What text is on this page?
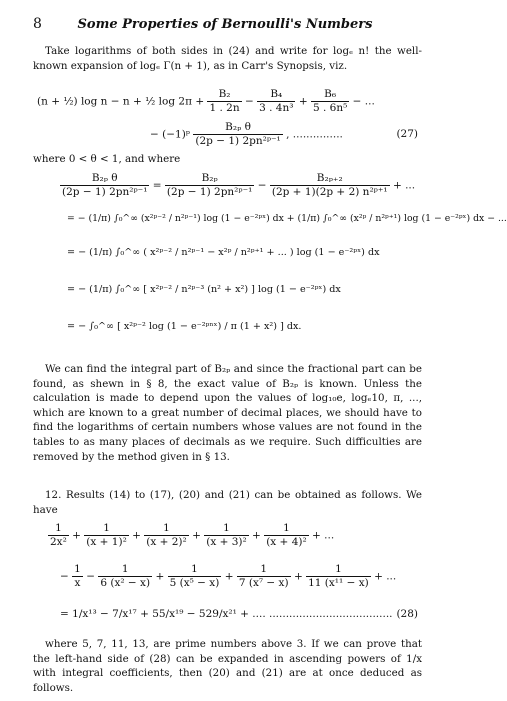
8	Some Properties of Bernoulli's Numbers
Take logarithms of both sides in (24) and write for logₑ n! the well-known expansion of logₑ Γ(n + 1), as in Carr's Synopsis, viz.
(n + ½) log n − n + ½ $\log 2\pi + \frac{\text{B₂}}{1 . 2n} - \frac{\text{B₄}}{\text{3 . 4n³}} + \frac{\text{B₆}}{\text{5 . 6n⁵}}$ − ...
− (−1)ᵖ $\frac{\text{B₂ₚ θ}}{\text{(2p − 1) 2pn²ᵖ⁻¹}}$ , ...............	(27)
where 0 < θ < 1, and where
$\frac{\text{B₂ₚ θ}}{\text{(2p − 1) 2pn²ᵖ⁻¹}} = \frac{\text{B₂ₚ}}{\text{(2p − 1) 2pn²ᵖ⁻¹}} - \frac{\text{B₂ₚ₊₂}}{\text{(2p + 1)(2p + 2) n²ᵖ⁺¹}}$ + ...
= − (1/π) ∫₀^∞ (x²ᵖ⁻² / n²ᵖ⁻¹) log (1 − e⁻²ᵖˣ) dx + (1/π) ∫₀^∞ (x²ᵖ / n²ᵖ⁺¹) log (1 − e⁻²ᵖˣ) dx − ...
= − (1/π) ∫₀^∞ ( x²ᵖ⁻² / n²ᵖ⁻¹ − x²ᵖ / n²ᵖ⁺¹ + ... ) log (1 − e⁻²ᵖˣ) dx
= − (1/π) ∫₀^∞ [ x²ᵖ⁻² / n²ᵖ⁻³ (n² + x²) ] log (1 − e⁻²ᵖˣ) dx
= − ∫₀^∞ [ x²ᵖ⁻² log (1 − e⁻²ᵖⁿˣ) / π (1 + x²) ] dx.
We can find the integral part of B₂ₚ and since the fractional part can be found, as shewn in § 8, the exact value of B₂ₚ is known. Unless the calculation is made to depend upon the values of log₁₀e, logₑ10, π, ..., which are known to a great number of decimal places, we should have to find the logarithms of certain numbers whose values are not found in the tables to as many places of decimals as we require. Such difficulties are removed by the method given in § 13.
12. Results (14) to (17), (20) and (21) can be obtained as follows. We have
$\frac{1}{\text{2x²}} + \frac{1}{\text{(x + 1)²}} + \frac{1}{\text{(x + 2)²}} + \frac{1}{\text{(x + 3)²}} + \frac{1}{\text{(x + 4)²}}$ + ...
− $\frac{1}{x} - \frac{1}{\text{6 (x² − x)}} + \frac{1}{\text{5 (x⁵ − x)}} + \frac{1}{\text{7 (x⁷ − x)}} + \frac{1}{\text{11 (x¹¹ − x)}}$ + ...
= 1/x¹³ − 7/x¹⁷ + 55/x¹⁹ − 529/x²¹ + .... ..................................... (28)
where 5, 7, 11, 13, are prime numbers above 3. If we can prove that the left-hand side of (28) can be expanded in ascending powers of 1/x with integral coefficients, then (20) and (21) are at once deduced as follows.
